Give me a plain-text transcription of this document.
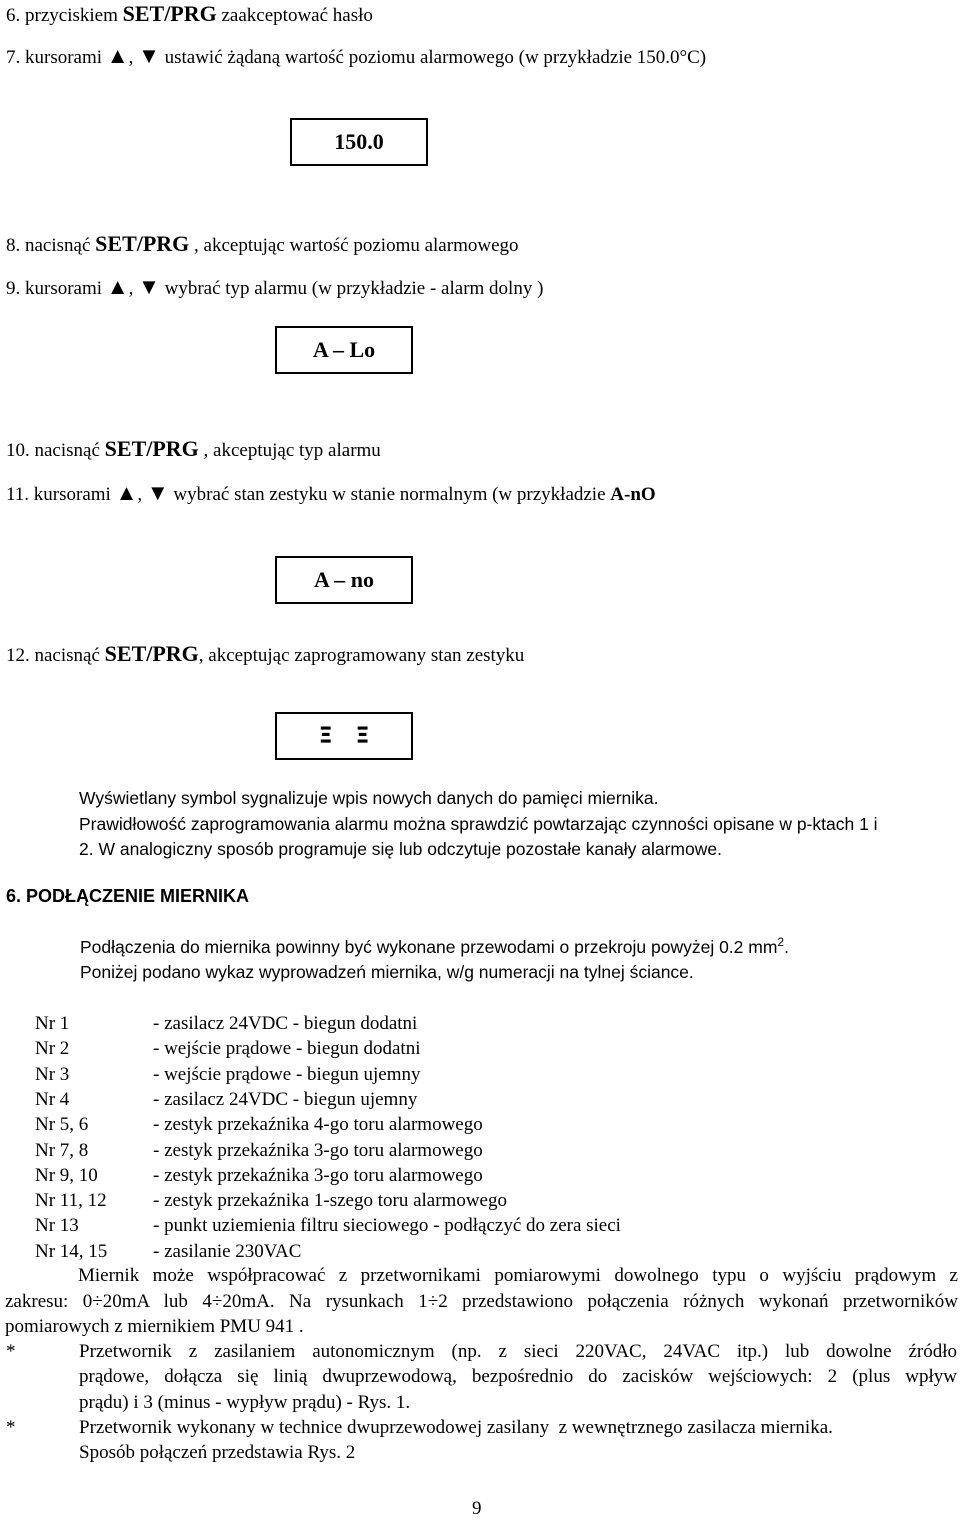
6. przyciskiem SET/PRG zaakceptować hasło
7. kursorami ▲, ▼ ustawić żądaną wartość poziomu alarmowego (w przykładzie 150.0°C)
150.0
8. nacisnąć SET/PRG , akceptując wartość poziomu alarmowego
9. kursorami ▲, ▼ wybrać typ alarmu (w przykładzie - alarm dolny )
A – Lo
10. nacisnąć SET/PRG , akceptując typ alarmu
11. kursorami ▲, ▼ wybrać stan zestyku w stanie normalnym (w przykładzie A-nO
A – no
12. nacisnąć SET/PRG, akceptując zaprogramowany stan zestyku
Ξ   Ξ
Wyświetlany symbol sygnalizuje wpis nowych danych do pamięci miernika.
Prawidłowość zaprogramowania alarmu można sprawdzić powtarzając czynności opisane w p-ktach 1 i
2. W analogiczny sposób programuje się lub odczytuje pozostałe kanały alarmowe.
6. PODŁĄCZENIE MIERNIKA
Podłączenia do miernika powinny być wykonane przewodami o przekroju powyżej 0.2 $mm^2$.
Poniżej podano wykaz wyprowadzeń miernika, w/g numeracji na tylnej ściance.
Nr 1	- zasilacz 24VDC - biegun dodatni
Nr 2	- wejście prądowe - biegun dodatni
Nr 3	- wejście prądowe - biegun ujemny
Nr 4	- zasilacz 24VDC - biegun ujemny
Nr 5, 6	- zestyk przekaźnika 4-go toru alarmowego
Nr 7, 8	- zestyk przekaźnika 3-go toru alarmowego
Nr 9, 10	- zestyk przekaźnika 3-go toru alarmowego
Nr 11, 12 - zestyk przekaźnika 1-szego toru alarmowego
Nr 13	- punkt uziemienia filtru sieciowego - podłączyć do zera sieci
Nr 14, 15 - zasilanie 230VAC
Miernik może współpracować z przetwornikami pomiarowymi dowolnego typu o wyjściu prądowym z
zakresu: 0÷20mA lub 4÷20mA. Na rysunkach 1÷2 przedstawiono połączenia różnych wykonań przetworników
pomiarowych z miernikiem PMU 941 .
*	Przetwornik z zasilaniem autonomicznym (np. z sieci 220VAC, 24VAC itp.) lub dowolne źródło
prądowe, dołącza się linią dwuprzewodową, bezpośrednio do zacisków wejściowych: 2 (plus wpływ
prądu) i 3 (minus - wypływ prądu) - Rys. 1.
*	Przetwornik wykonany w technice dwuprzewodowej zasilany  z wewnętrznego zasilacza miernika.
Sposób połączeń przedstawia Rys. 2
9
